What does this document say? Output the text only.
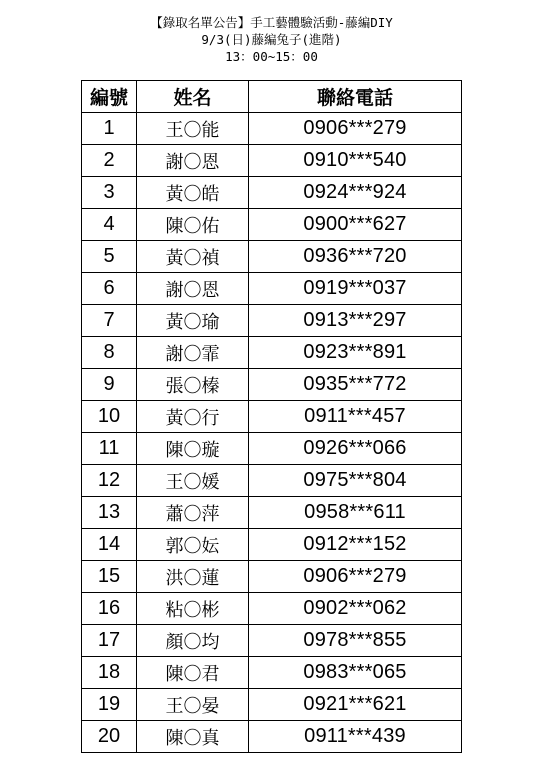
【錄取名單公告】手工藝體驗活動-藤編DIY
9/3(日)藤編兔子(進階)
13：00~15：00
編號	姓名	聯絡電話
1	王〇能	0906***279
2	謝〇恩	0910***540
3	黃〇皓	0924***924
4	陳〇佑	0900***627
5	黃〇禎	0936***720
6	謝〇恩	0919***037
7	黃〇瑜	0913***297
8	謝〇霏	0923***891
9	張〇榛	0935***772
10	黃〇行	0911***457
11	陳〇璇	0926***066
12	王〇媛	0975***804
13	蕭〇萍	0958***611
14	郭〇妘	0912***152
15	洪〇蓮	0906***279
16	粘〇彬	0902***062
17	顏〇均	0978***855
18	陳〇君	0983***065
19	王〇晏	0921***621
20	陳〇真	0911***439
